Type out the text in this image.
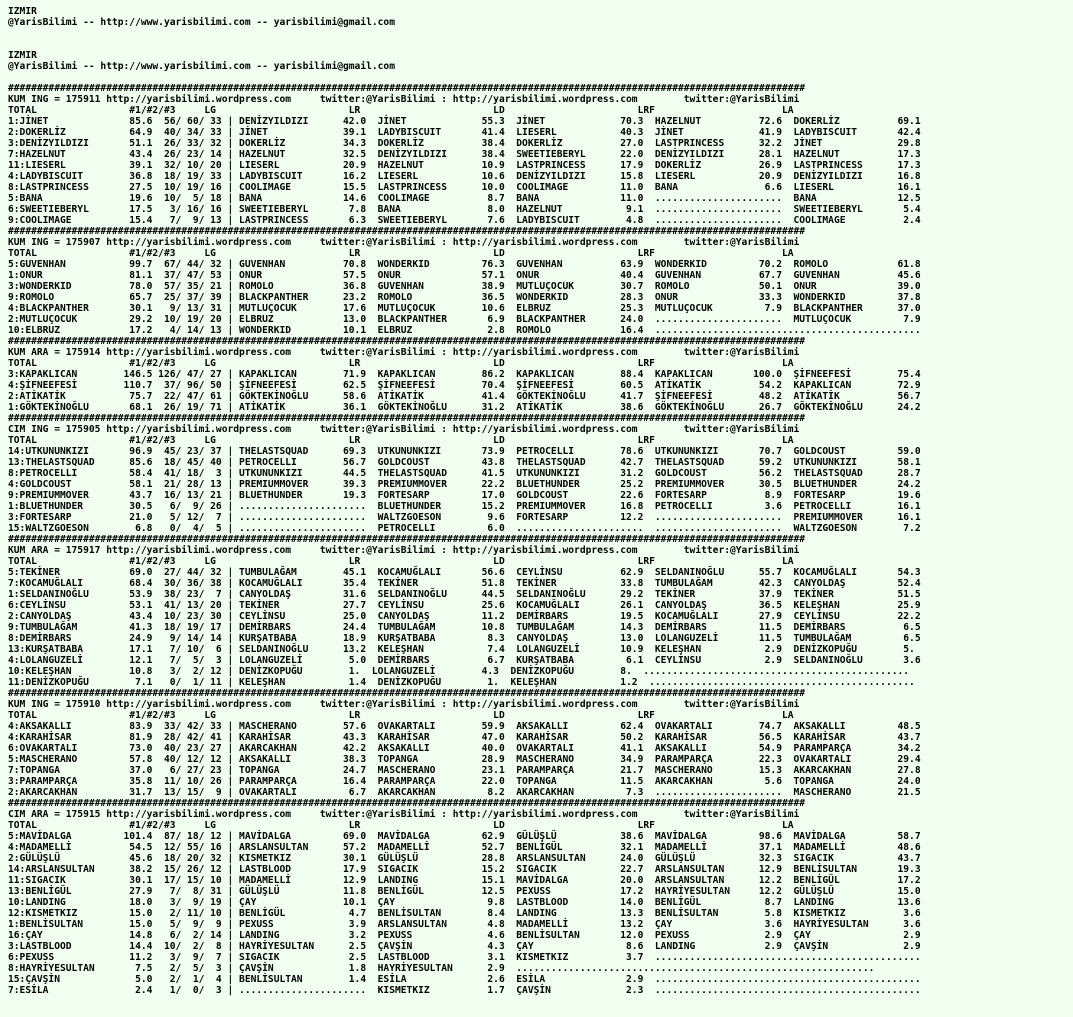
IZMIR
@YarisBilimi -- http://www.yarisbilimi.com -- yarisbilimi@gmail.com

IZMIR
@YarisBilimi -- http://www.yarisbilimi.com -- yarisbilimi@gmail.com

##########################################################################################################################################
KUM ING = 175911 http://yarisbilimi.wordpress.com     twitter:@YarisBilimi : http://yarisbilimi.wordpress.com        twitter:@YarisBilimi
TOTAL                #1/#2/#3     LG                       LR                       LD                       LRF                      LA
1:JİNET              85.6  56/ 60/ 33 | DENİZYILDIZI      42.0  JİNET             55.3  JİNET             70.3  HAZELNUT          72.6  DOKERLİZ          69.1
2:DOKERLİZ           64.9  40/ 34/ 33 | JİNET             39.1  LADYBISCUIT       41.4  LIESERL           40.3  JİNET             41.9  LADYBISCUIT       42.4
3:DENİZYILDIZI       51.1  26/ 33/ 32 | DOKERLİZ          34.3  DOKERLİZ          38.4  DOKERLİZ          27.0  LASTPRINCESS      32.2  JİNET             29.8
7:HAZELNUT           43.4  26/ 23/ 14 | HAZELNUT          32.5  DENİZYILDIZI      38.4  SWEETIEBERYL      22.0  DENİZYILDIZI      28.1  HAZELNUT          17.3
11:LIESERL           39.1  32/ 10/ 20 | LIESERL           20.9  HAZELNUT          10.9  LASTPRINCESS      17.9  DOKERLİZ          26.9  LASTPRINCESS      17.3
4:LADYBISCUIT        36.8  18/ 19/ 33 | LADYBISCUIT       16.2  LIESERL           10.6  DENİZYILDIZI      15.8  LIESERL           20.9  DENİZYILDIZI      16.8
8:LASTPRINCESS       27.5  10/ 19/ 16 | COOLIMAGE         15.5  LASTPRINCESS      10.0  COOLIMAGE         11.0  BANA               6.6  LIESERL           16.1
5:BANA               19.6  10/  5/ 18 | BANA              14.6  COOLIMAGE          8.7  BANA              11.0  ......................  BANA              12.5
6:SWEETIEBERYL       17.5   3/ 16/ 16 | SWEETIEBERYL       7.8  BANA               8.0  HAZELNUT           9.1  ......................  SWEETIEBERYL       5.4
9:COOLIMAGE          15.4   7/  9/ 13 | LASTPRINCESS       6.3  SWEETIEBERYL       7.6  LADYBISCUIT        4.8  ......................  COOLIMAGE          2.4
##########################################################################################################################################
KUM ING = 175907 http://yarisbilimi.wordpress.com     twitter:@YarisBilimi : http://yarisbilimi.wordpress.com        twitter:@YarisBilimi
TOTAL                #1/#2/#3     LG                       LR                       LD                       LRF                      LA
5:GUVENHAN           99.7  67/ 44/ 32 | GUVENHAN          70.8  WONDERKID         76.3  GUVENHAN          63.9  WONDERKID         70.2  ROMOLO            61.8
1:ONUR               81.1  37/ 47/ 53 | ONUR              57.5  ONUR              57.1  ONUR              40.4  GUVENHAN          67.7  GUVENHAN          45.6
3:WONDERKID          78.0  57/ 35/ 21 | ROMOLO            36.8  GUVENHAN          38.9  MUTLUÇOCUK        30.7  ROMOLO            50.1  ONUR              39.0
9:ROMOLO             65.7  25/ 37/ 39 | BLACKPANTHER      23.2  ROMOLO            36.5  WONDERKID         28.3  ONUR              33.3  WONDERKID         37.8
4:BLACKPANTHER       30.1   9/ 13/ 31 | MUTLUÇOCUK        17.6  MUTLUÇOCUK        10.6  ELBRUZ            25.3  MUTLUÇOCUK         7.9  BLACKPANTHER      37.0
2:MUTLUÇOCUK         29.2  10/ 19/ 20 | ELBRUZ            13.0  BLACKPANTHER       6.9  BLACKPANTHER      24.0  ......................  MUTLUÇOCUK         7.9
10:ELBRUZ            17.2   4/ 14/ 13 | WONDERKID         10.1  ELBRUZ             2.8  ROMOLO            16.4  ..............................................
##########################################################################################################################################
KUM ARA = 175914 http://yarisbilimi.wordpress.com     twitter:@YarisBilimi : http://yarisbilimi.wordpress.com        twitter:@YarisBilimi
TOTAL                #1/#2/#3     LG                       LR                       LD                       LRF                      LA
3:KAPAKLICAN        146.5 126/ 47/ 27 | KAPAKLICAN        71.9  KAPAKLICAN        86.2  KAPAKLICAN        88.4  KAPAKLICAN       100.0  ŞİFNEEFESİ        75.4
4:ŞİFNEEFESİ        110.7  37/ 96/ 50 | ŞİFNEEFESİ        62.5  ŞİFNEEFESİ        70.4  ŞİFNEEFESİ        60.5  ATİKATİK          54.2  KAPAKLICAN        72.9
2:ATİKATİK           75.7  22/ 47/ 61 | GÖKTEKİNOĞLU      58.6  ATİKATİK          41.4  GÖKTEKİNOĞLU      41.7  ŞİFNEEFESİ        48.2  ATİKATİK          56.7
1:GÖKTEKİNOĞLU       68.1  26/ 19/ 71 | ATİKATİK          36.1  GÖKTEKİNOĞLU      31.2  ATİKATİK          38.6  GÖKTEKİNOĞLU      26.7  GÖKTEKİNOĞLU      24.2
##########################################################################################################################################
CIM ING = 175905 http://yarisbilimi.wordpress.com     twitter:@YarisBilimi : http://yarisbilimi.wordpress.com        twitter:@YarisBilimi
TOTAL                #1/#2/#3     LG                       LR                       LD                       LRF                      LA
14:UTKUNUNKIZI       96.9  45/ 23/ 37 | THELASTSQUAD      69.3  UTKUNUNKIZI       73.9  PETROCELLI        78.6  UTKUNUNKIZI       70.7  GOLDCOUST         59.0
13:THELASTSQUAD      85.6  18/ 45/ 40 | PETROCELLI        56.7  GOLDCOUST         43.8  THELASTSQUAD      42.7  THELASTSQUAD      59.2  UTKUNUNKIZI       58.1
8:PETROCELLI         58.4  41/ 18/  3 | UTKUNUNKIZI       44.5  THELASTSQUAD      41.5  UTKUNUNKIZI       31.2  GOLDCOUST         56.2  THELASTSQUAD      28.7
4:GOLDCOUST          58.1  21/ 28/ 13 | PREMIUMMOVER      39.3  PREMIUMMOVER      22.2  BLUETHUNDER       25.2  PREMIUMMOVER      30.5  BLUETHUNDER       24.2
9:PREMIUMMOVER       43.7  16/ 13/ 21 | BLUETHUNDER       19.3  FORTESARP         17.0  GOLDCOUST         22.6  FORTESARP          8.9  FORTESARP         19.6
1:BLUETHUNDER        30.5   6/  9/ 26 | ......................  BLUETHUNDER       15.2  PREMIUMMOVER      16.8  PETROCELLI         3.6  PETROCELLI        16.1
3:FORTESARP          21.0   5/ 12/  7 | ......................  WALTZGOESON        9.6  FORTESARP         12.2  ......................  PREMIUMMOVER      16.1
15:WALTZGOESON        6.8   0/  4/  5 | ......................  PETROCELLI         6.0  ......................  ......................  WALTZGOESON        7.2
##########################################################################################################################################
KUM ARA = 175917 http://yarisbilimi.wordpress.com     twitter:@YarisBilimi : http://yarisbilimi.wordpress.com        twitter:@YarisBilimi
TOTAL                #1/#2/#3     LG                       LR                       LD                       LRF                      LA
5:TEKİNER            69.0  27/ 44/ 32 | TUMBULAĞAM        45.1  KOCAMUĞLALI       56.6  CEYLİNSU          62.9  SELDANINOĞLU      55.7  KOCAMUĞLALI       54.3
7:KOCAMUĞLALI        68.4  30/ 36/ 38 | KOCAMUĞLALI       35.4  TEKİNER           51.8  TEKİNER           33.8  TUMBULAĞAM        42.3  CANYOLDAŞ         52.4
1:SELDANINOĞLU       53.9  38/ 23/  7 | CANYOLDAŞ         31.6  SELDANINOĞLU      44.5  SELDANINOĞLU      29.2  TEKİNER           37.9  TEKİNER           51.5
6:CEYLİNSU           53.1  41/ 13/ 20 | TEKİNER           27.7  CEYLİNSU          25.6  KOCAMUĞLALI       26.1  CANYOLDAŞ         36.5  KELEŞHAN          25.9
2:CANYOLDAŞ          43.4  10/ 23/ 30 | CEYLİNSU          25.0  CANYOLDAŞ         11.2  DEMİRBARS         19.5  KOCAMUĞLALI       27.9  CEYLİNSU          22.2
9:TUMBULAĞAM         41.3  18/ 19/ 17 | DEMİRBARS         24.4  TUMBULAĞAM        10.8  TUMBULAĞAM        14.3  DEMİRBARS         11.5  DEMİRBARS          6.5
8:DEMİRBARS          24.9   9/ 14/ 14 | KURŞATBABA        18.9  KURŞATBABA         8.3  CANYOLDAŞ         13.0  LOLANGUZELİ       11.5  TUMBULAĞAM         6.5
13:KURŞATBABA        17.1   7/ 10/  6 | SELDANINOĞLU      13.2  KELEŞHAN           7.4  LOLANGUZELİ       10.9  KELEŞHAN           2.9  DENİZKOPUĞU        5.
4:LOLANGUZELİ        12.1   7/  5/  3 | LOLANGUZELİ        5.0  DEMİRBARS          6.7  KURŞATBABA         6.1  CEYLİNSU           2.9  SELDANINOĞLU       3.6
10:KELEŞHAN          10.8   3/  2/ 12 | DENİZKOPUĞU        1.  LOLANGUZELİ        4.3  DENİZKOPUĞU        8.  ..............................................
11:DENİZKOPUĞU        7.1   0/  1/ 11 | KELEŞHAN           1.4  DENİZKOPUĞU        1.  KELEŞHAN           1.2  ..............................................
##########################################################################################################################################
KUM ING = 175910 http://yarisbilimi.wordpress.com     twitter:@YarisBilimi : http://yarisbilimi.wordpress.com        twitter:@YarisBilimi
TOTAL                #1/#2/#3     LG                       LR                       LD                       LRF                      LA
4:AKSAKALLI          83.9  33/ 42/ 33 | MASCHERANO        57.6  OVAKARTALI        59.9  AKSAKALLI         62.4  OVAKARTALI        74.7  AKSAKALLI         48.5
4:KARAHİSAR          81.9  28/ 42/ 41 | KARAHİSAR         43.3  KARAHİSAR         47.0  KARAHİSAR         50.2  KARAHİSAR         56.5  KARAHİSAR         43.7
6:OVAKARTALI         73.0  40/ 23/ 27 | AKARCAKHAN        42.2  AKSAKALLI         40.0  OVAKARTALI        41.1  AKSAKALLI         54.9  PARAMPARÇA        34.2
5:MASCHERANO         57.8  40/ 12/ 12 | AKSAKALLI         38.3  TOPANGA           28.9  MASCHERANO        34.9  PARAMPARÇA        22.3  OVAKARTALI        29.4
7:TOPANGA            37.0   6/ 27/ 23 | TOPANGA           24.7  MASCHERANO        23.1  PARAMPARÇA        21.7  MASCHERANO        15.3  AKARCAKHAN        27.8
3:PARAMPARÇA         35.8  11/ 10/ 26 | PARAMPARÇA        16.4  PARAMPARÇA        22.0  TOPANGA           11.5  AKARCAKHAN         5.6  TOPANGA           24.0
2:AKARCAKHAN         31.7  13/ 15/  9 | OVAKARTALI         6.7  AKARCAKHAN         8.2  AKARCAKHAN         7.3  ......................  MASCHERANO        21.5
##########################################################################################################################################
CIM ARA = 175915 http://yarisbilimi.wordpress.com     twitter:@YarisBilimi : http://yarisbilimi.wordpress.com        twitter:@YarisBilimi
TOTAL                #1/#2/#3     LG                       LR                       LD                       LRF                      LA
5:MAVİDALGA         101.4  87/ 18/ 12 | MAVİDALGA         69.0  MAVİDALGA         62.9  GÜLÜŞLÜ           38.6  MAVİDALGA         98.6  MAVİDALGA         58.7
4:MADAMELLİ          54.5  12/ 55/ 16 | ARSLANSULTAN      57.2  MADAMELLİ         52.7  BENLİGÜL          32.1  MADAMELLİ         37.1  MADAMELLİ         48.6
2:GÜLÜŞLÜ            45.6  18/ 20/ 32 | KISMETKIZ         30.1  GÜLÜŞLÜ           28.8  ARSLANSULTAN      24.0  GÜLÜŞLÜ           32.3  SIGACIK           43.7
14:ARSLANSULTAN      38.2  15/ 26/ 12 | LASTBLOOD         17.9  SIGACIK           15.2  SIGACIK           22.7  ARSLANSULTAN      12.9  BENLİSULTAN       19.3
11:SIGACIK           30.1  17/ 15/ 10 | MADAMELLİ         12.9  LANDING           15.1  MAVİDALGA         20.0  ARSLANSULTAN      12.2  BENLİGÜL          17.2
13:BENLİGÜL          27.9   7/  8/ 31 | GÜLÜŞLÜ           11.8  BENLİGÜL          12.5  PEXUSS            17.2  HAYRİYESULTAN     12.2  GÜLÜŞLÜ           15.0
10:LANDING           18.0   3/  9/ 19 | ÇAY               10.1  ÇAY                9.8  LASTBLOOD         14.0  BENLİGÜL           8.7  LANDING           13.6
12:KISMETKIZ         15.0   2/ 11/ 10 | BENLİGÜL           4.7  BENLİSULTAN        8.4  LANDING           13.3  BENLİSULTAN        5.8  KISMETKIZ          3.6
1:BENLİSULTAN        15.0   5/  9/  9 | PEXUSS             3.9  ARSLANSULTAN       4.8  MADAMELLİ         13.2  ÇAY                3.6  HAYRİYESULTAN      3.6
16:ÇAY               14.8   6/  2/ 14 | LANDING            3.2  PEXUSS             4.6  BENLİSULTAN       12.0  PEXUSS             2.9  ÇAY                2.9
3:LASTBLOOD          14.4  10/  2/  8 | HAYRİYESULTAN      2.5  ÇAVŞİN             4.3  ÇAY                8.6  LANDING            2.9  ÇAVŞİN             2.9
6:PEXUSS             11.2   3/  9/  7 | SIGACIK            2.5  LASTBLOOD          3.1  KISMETKIZ          3.7  ..............................................
8:HAYRİYESULTAN       7.5   2/  5/  3 | ÇAVŞİN             1.8  HAYRİYESULTAN      2.9  ..............................................................
15:ÇAVŞİN             5.0   2/  1/  4 | BENLİSULTAN        1.4  ESİLA              2.6  ESİLA              2.9  ..............................................
7:ESİLA               2.4   1/  0/  3 | ......................  KISMETKIZ          1.7  ÇAVŞİN             2.3  ..............................................
